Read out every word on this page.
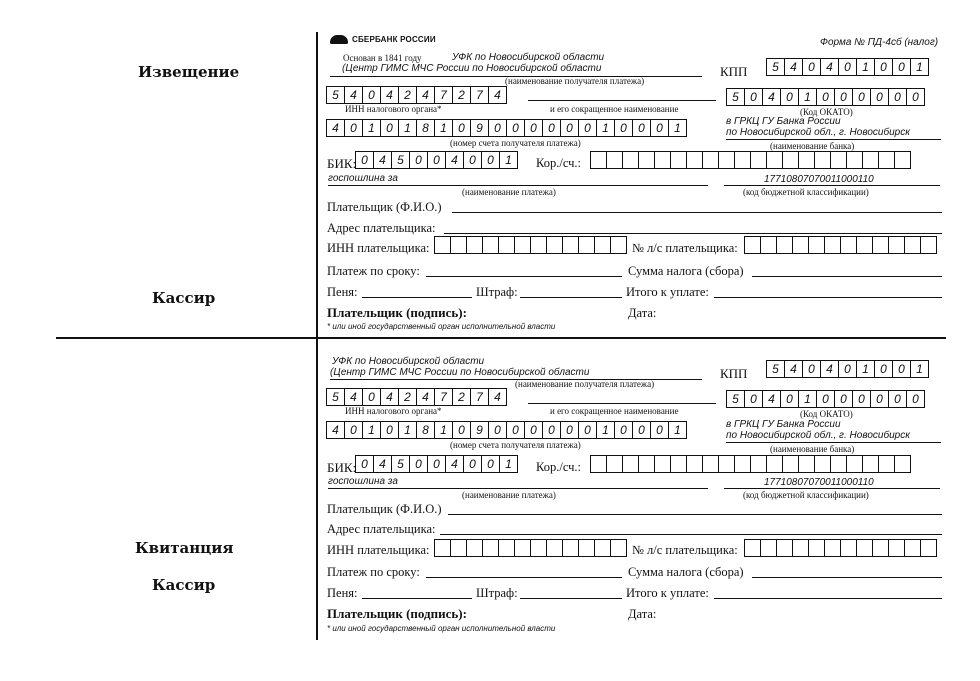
Извещение
Кассир
Квитанция
Кассир
СБЕРБАНК РОССИИ	Форма № ПД-4сб (налог)
Основан в 1841 году	УФК по Новосибирской области
(Центр ГИМС МЧС России по Новосибирской области
(наименование получателя платежа)
КПП	5 4 0 4 0 1 0 0 1
5 4 0 4 2 4 7 2 7 4
ИНН налогового органа*	и его сокращенное наименование
5 0 4 0 1 0 0 0 0 0 0
(Код ОКАТО)
4 0 1 0 1 8 1 0 9 0 0 0 0 0 0 1 0 0 0 1
(номер счета получателя платежа)
в ГРКЦ ГУ Банка России
по Новосибирской обл., г. Новосибирск
(наименование банка)
БИК: 0 4 5 0 0 4 0 0 1	Кор./сч.:
госпошлина за
(наименование платежа)
17710807070011000110
(код бюджетной классификации)
Плательщик (Ф.И.О.)
Адрес плательщика:
ИНН плательщика:	№ л/с плательщика:
Платеж по сроку:	Сумма налога (сбора)
Пеня:	Штраф:	Итого к уплате:
Плательщик (подпись):	Дата:
* или иной государственный орган исполнительной власти
УФК по Новосибирской области
(Центр ГИМС МЧС России по Новосибирской области
(наименование получателя платежа)
КПП	5 4 0 4 0 1 0 0 1
5 4 0 4 2 4 7 2 7 4
ИНН налогового органа*	и его сокращенное наименование
5 0 4 0 1 0 0 0 0 0 0
(Код ОКАТО)
4 0 1 0 1 8 1 0 9 0 0 0 0 0 0 1 0 0 0 1
(номер счета получателя платежа)
в ГРКЦ ГУ Банка России
по Новосибирской обл., г. Новосибирск
(наименование банка)
БИК: 0 4 5 0 0 4 0 0 1	Кор./сч.:
госпошлина за
(наименование платежа)
17710807070011000110
(код бюджетной классификации)
Плательщик (Ф.И.О.)
Адрес плательщика:
ИНН плательщика:	№ л/с плательщика:
Платеж по сроку:	Сумма налога (сбора)
Пеня:	Штраф:	Итого к уплате:
Плательщик (подпись):	Дата:
* или иной государственный орган исполнительной власти
